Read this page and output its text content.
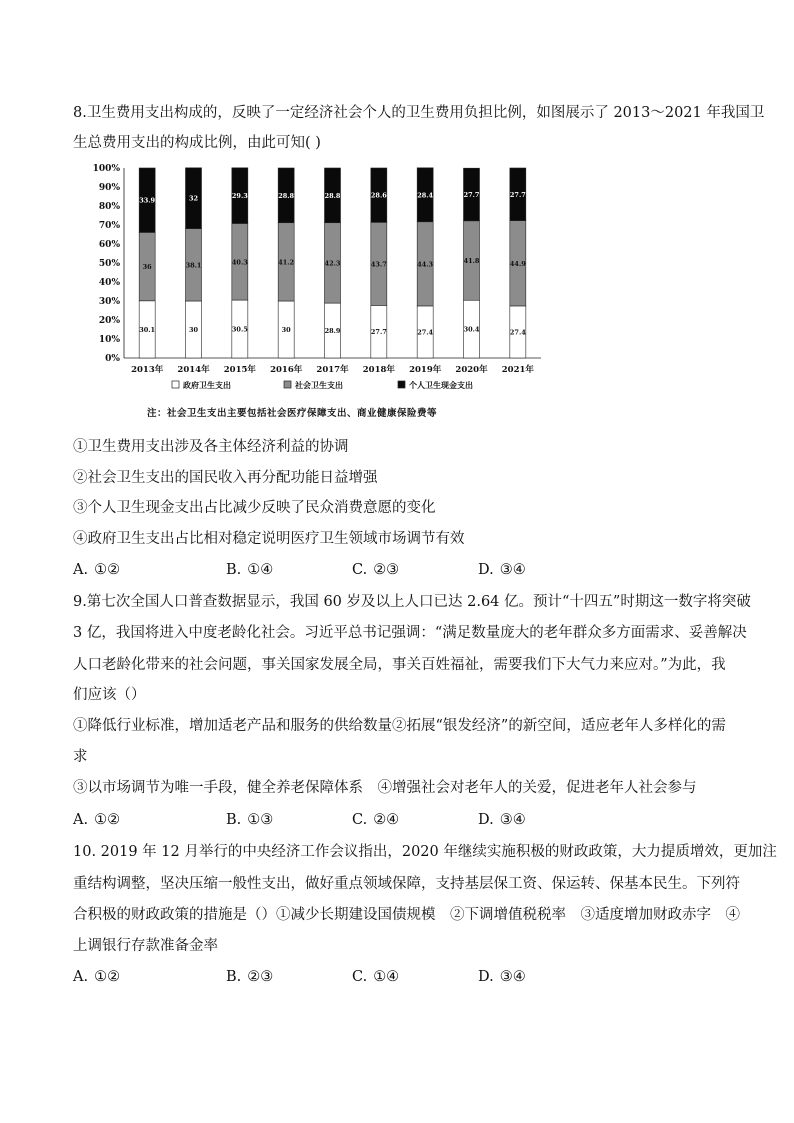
8.卫生费用支出构成的，反映了一定经济社会个人的卫生费用负担比例，如图展示了 2013～2021 年我国卫
生总费用支出的构成比例，由此可知( )
0%
10%
20%
30%
40%
50%
60%
70%
80%
90%
100%
30.1
36
33.9
2013年
30
38.1
32
2014年
30.5
40.3
29.3
2015年
30
41.2
28.8
2016年
28.9
42.3
28.8
2017年
27.7
43.7
28.6
2018年
27.4
44.3
28.4
2019年
30.4
41.8
27.7
2020年
27.4
44.9
27.7
2021年
政府卫生支出	社会卫生支出	个人卫生现金支出
注：社会卫生支出主要包括社会医疗保障支出、商业健康保险费等
①卫生费用支出涉及各主体经济利益的协调
②社会卫生支出的国民收入再分配功能日益增强
③个人卫生现金支出占比减少反映了民众消费意愿的变化
④政府卫生支出占比相对稳定说明医疗卫生领域市场调节有效
A. ①②	B. ①④	C. ②③	D. ③④
9.第七次全国人口普查数据显示，我国 60 岁及以上人口已达 2.64 亿。预计“十四五”时期这一数字将突破
3 亿，我国将进入中度老龄化社会。习近平总书记强调：“满足数量庞大的老年群众多方面需求、妥善解决
人口老龄化带来的社会问题，事关国家发展全局，事关百姓福祉，需要我们下大气力来应对。”为此，我
们应该（）
①降低行业标准，增加适老产品和服务的供给数量②拓展“银发经济”的新空间，适应老年人多样化的需
求
③以市场调节为唯一手段，健全养老保障体系　④增强社会对老年人的关爱，促进老年人社会参与
A. ①②	B. ①③	C. ②④	D. ③④
10. 2019 年 12 月举行的中央经济工作会议指出，2020 年继续实施积极的财政政策，大力提质增效，更加注
重结构调整，坚决压缩一般性支出，做好重点领域保障，支持基层保工资、保运转、保基本民生。下列符
合积极的财政政策的措施是（）①减少长期建设国债规模　②下调增值税税率　③适度增加财政赤字　④
上调银行存款准备金率
A. ①②	B. ②③	C. ①④	D. ③④
